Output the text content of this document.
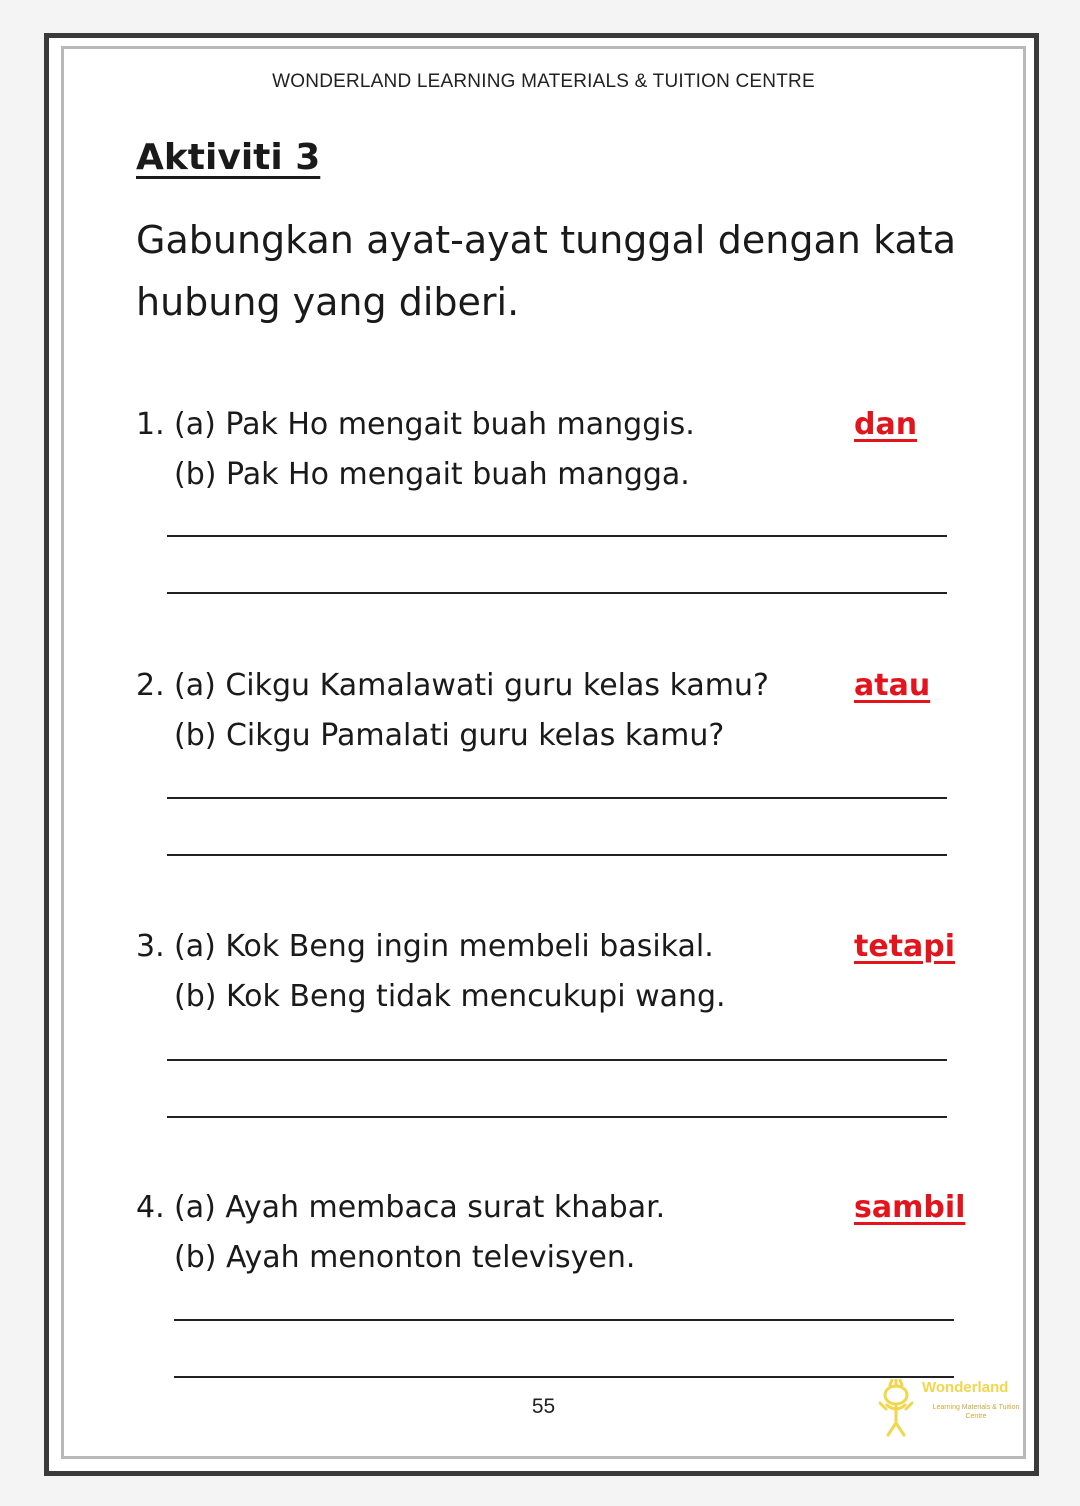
WONDERLAND LEARNING MATERIALS & TUITION CENTRE
Aktiviti 3
Gabungkan ayat-ayat tunggal dengan kata hubung yang diberi.
1. (a) Pak Ho mengait buah manggis.
(b) Pak Ho mengait buah mangga.
dan
2. (a) Cikgu Kamalawati guru kelas kamu?
(b) Cikgu Pamalati guru kelas kamu?
atau
3. (a) Kok Beng ingin membeli basikal.
(b) Kok Beng tidak mencukupi wang.
tetapi
4. (a) Ayah membaca surat khabar.
(b) Ayah menonton televisyen.
sambil
55
Wonderland
Learning Materials & Tuition Centre
